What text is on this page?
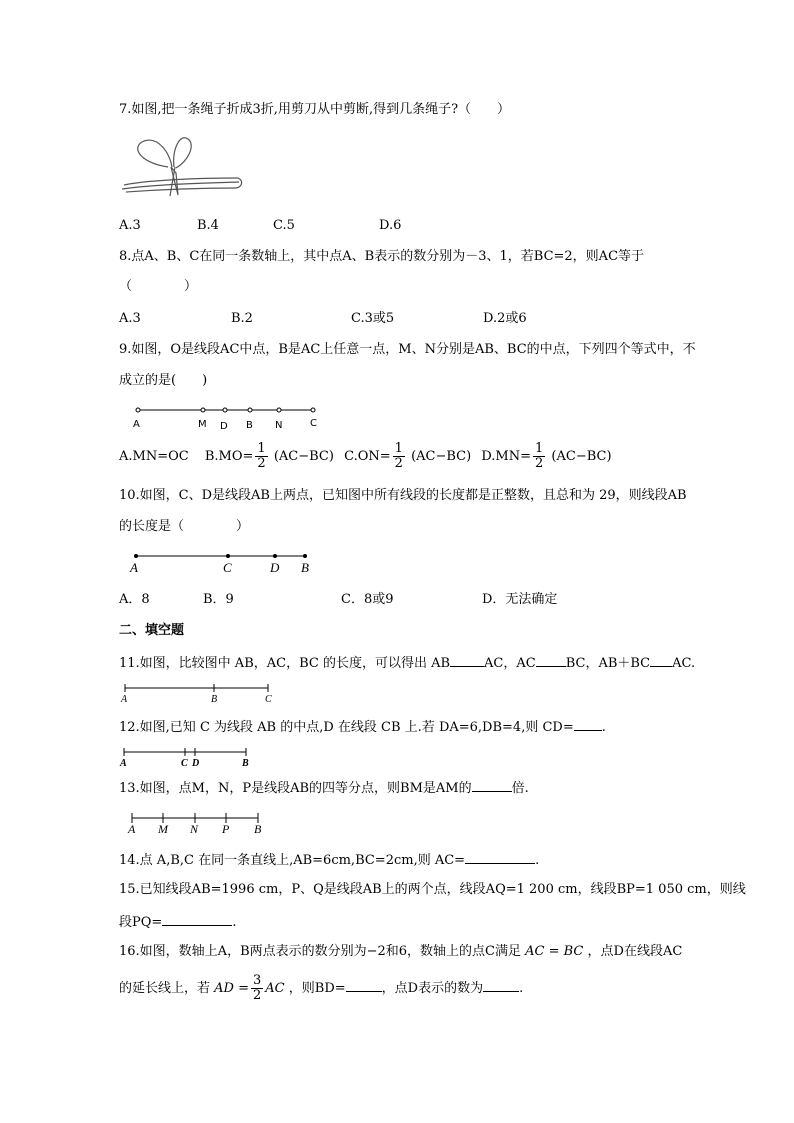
7.如图,把一条绳子折成3折,用剪刀从中剪断,得到几条绳子?（　　）
A.3	B.4	C.5	D.6
8.点A、B、C在同一条数轴上，其中点A、B表示的数分别为－3、1，若BC=2，则AC等于
（　　　　）
A.3	B.2	C.3或5	D.2或6
9.如图，O是线段AC中点，B是AC上任意一点，M、N分别是AB、BC的中点，下列四个等式中，不
成立的是(　　)
A	M D B N	C
A.MN=OC $B.MO= \frac{1}{2} (AC-BC)$ $C.ON= \frac{1}{2} (AC-BC)$ $D.MN= \frac{1}{2} (AC-BC)$
10.如图，C、D是线段AB上两点，已知图中所有线段的长度都是正整数，且总和为 29，则线段AB
的长度是（　　　　）
A	C	D B
A．8	B．9	C．8或9	D．无法确定
二、填空题
11.如图，比较图中 AB，AC，BC 的长度，可以得出 AB	AC，AC BC，AB＋BC AC.
A	B	C
12.如图,已知 C 为线段 AB 的中点,D 在线段 CB 上.若 DA=6,DB=4,则 CD= .
A	C D	B
13.如图，点M，N，P是线段AB的四等分点，则BM是AM的	倍.
A M N P B
14.点 A,B,C 在同一条直线上,AB=6cm,BC=2cm,则 AC=	.
15.已知线段AB=1996 cm，P、Q是线段AB上的两个点，线段AQ=1 200 cm，线段BP=1 050 cm，则线
段PQ=	.
16.如图，数轴上A，B两点表示的数分别为−2和6，数轴上的点C满足 AC = BC ，点D在线段AC
的延长线上，若 AD = $\frac{3}{2}$ AC ，则BD=	，点D表示的数为	.
